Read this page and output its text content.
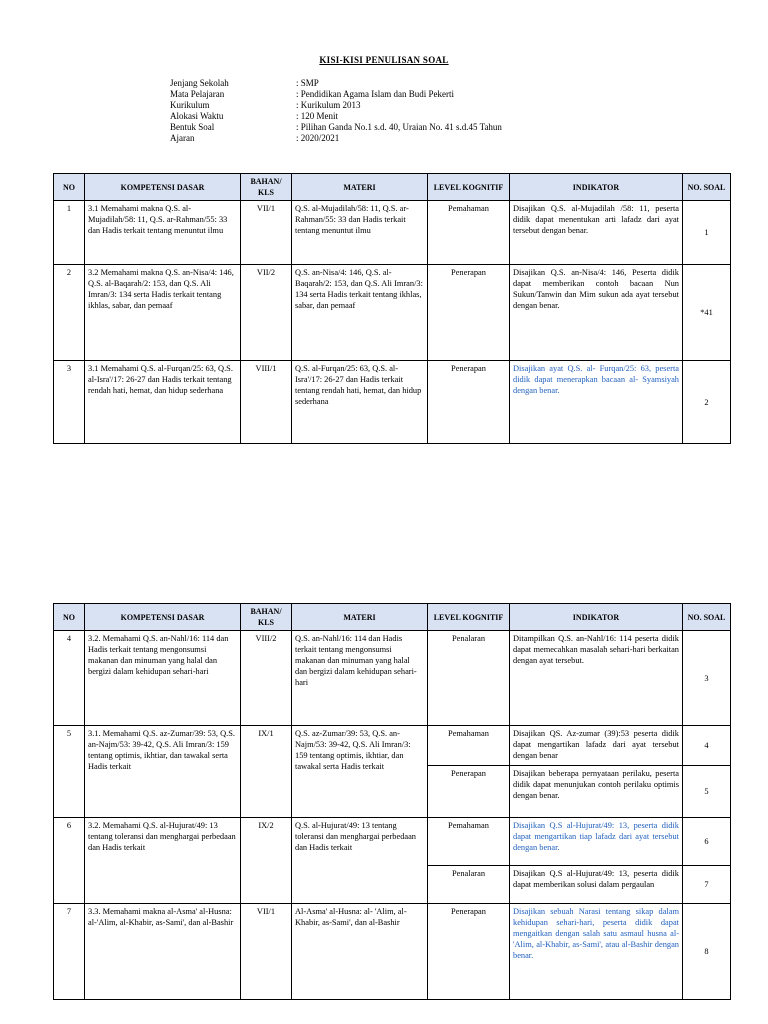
KISI-KISI PENULISAN SOAL
Jenjang Sekolah	: SMP
Mata Pelajaran	: Pendidikan Agama Islam dan Budi Pekerti
Kurikulum	: Kurikulum 2013
Alokasi Waktu	: 120 Menit
Bentuk Soal	: Pilihan Ganda No.1 s.d. 40, Uraian No. 41 s.d.45 Tahun
Ajaran	: 2020/2021
NO	KOMPETENSI DASAR	BAHAN/ KLS	MATERI	LEVEL KOGNITIF	INDIKATOR	NO. SOAL
1	3.1 Memahami makna Q.S. al-Mujadilah/58: 11, Q.S. ar-Rahman/55: 33 dan Hadis terkait tentang menuntut ilmu	VII/1	Q.S. al-Mujadilah/58: 11, Q.S. ar-Rahman/55: 33 dan Hadis terkait tentang menuntut ilmu	Pemahaman	Disajikan Q.S. al-Mujadilah /58: 11, peserta didik dapat menentukan arti lafadz dari ayat tersebut dengan benar.	1
2	3.2 Memahami makna Q.S. an-Nisa/4: 146, Q.S. al-Baqarah/2: 153, dan Q.S. Ali Imran/3: 134 serta Hadis terkait tentang ikhlas, sabar, dan pemaaf	VII/2	Q.S. an-Nisa/4: 146, Q.S. al-Baqarah/2: 153, dan Q.S. Ali Imran/3: 134 serta Hadis terkait tentang ikhlas, sabar, dan pemaaf	Penerapan	Disajikan Q.S. an-Nisa/4: 146, Peserta didik dapat memberikan contoh bacaan Nun Sukun/Tanwin dan Mim sukun ada ayat tersebut dengan benar.	*41
3	3.1 Memahami Q.S. al-Furqan/25: 63, Q.S. al-Isra'/17: 26-27 dan Hadis terkait tentang rendah hati, hemat, dan hidup sederhana	VIII/1	Q.S. al-Furqan/25: 63, Q.S. al-Isra'/17: 26-27 dan Hadis terkait tentang rendah hati, hemat, dan hidup sederhana	Penerapan	Disajikan ayat Q.S. al- Furqan/25: 63, peserta didik dapat menerapkan bacaan al- Syamsiyah dengan benar.	2
NO	KOMPETENSI DASAR	BAHAN/ KLS	MATERI	LEVEL KOGNITIF	INDIKATOR	NO. SOAL
4	3.2. Memahami Q.S. an-Nahl/16: 114 dan Hadis terkait tentang mengonsumsi makanan dan minuman yang halal dan bergizi dalam kehidupan sehari-hari	VIII/2	Q.S. an-Nahl/16: 114 dan Hadis terkait tentang mengonsumsi makanan dan minuman yang halal dan bergizi dalam kehidupan sehari-hari	Penalaran	Ditampilkan Q.S. an-Nahl/16: 114 peserta didik dapat memecahkan masalah sehari-hari berkaitan dengan ayat tersebut.	3
5	3.1. Memahami Q.S. az-Zumar/39: 53, Q.S. an-Najm/53: 39-42, Q.S. Ali Imran/3: 159 tentang optimis, ikhtiar, dan tawakal serta Hadis terkait	IX/1	Q.S. az-Zumar/39: 53, Q.S. an-Najm/53: 39-42, Q.S. Ali Imran/3: 159 tentang optimis, ikhtiar, dan tawakal serta Hadis terkait	Pemahaman	Disajikan QS. Az-zumar (39):53 peserta didik dapat mengartikan lafadz dari ayat tersebut dengan benar	4
				Penerapan	Disajikan beberapa pernyataan perilaku, peserta didik dapat menunjukan contoh perilaku optimis dengan benar.	5
6	3.2. Memahami Q.S. al-Hujurat/49: 13 tentang toleransi dan menghargai perbedaan dan Hadis terkait	IX/2	Q.S. al-Hujurat/49: 13 tentang toleransi dan menghargai perbedaan dan Hadis terkait	Pemahaman	Disajikan Q.S al-Hujurat/49: 13, peserta didik dapat mengartikan tiap lafadz dari ayat tersebut dengan benar.	6
				Penalaran	Disajikan Q.S al-Hujurat/49: 13, peserta didik dapat memberikan solusi dalam pergaulan	7
7	3.3. Memahami makna al-Asma' al-Husna: al-'Alim, al-Khabir, as-Sami', dan al-Bashir	VII/1	Al-Asma' al-Husna: al- 'Alim, al-Khabir, as-Sami', dan al-Bashir	Penerapan	Disajikan sebuah Narasi tentang sikap dalam kehidupan sehari-hari, peserta didik dapat mengaitkan dengan salah satu asmaul husna al-'Alim, al-Khabir, as-Sami', atau al-Bashir dengan benar.	8
